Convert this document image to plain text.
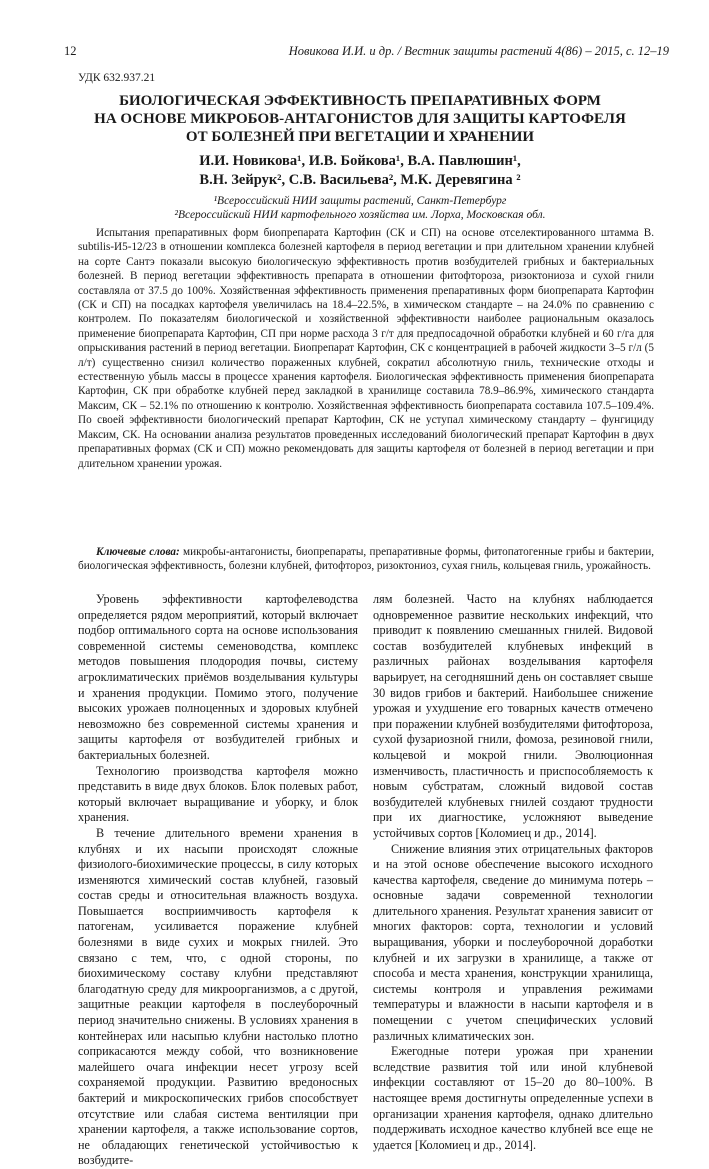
12	Новикова И.И. и др. / Вестник защиты растений 4(86) – 2015, с. 12–19
УДК 632.937.21
БИОЛОГИЧЕСКАЯ ЭФФЕКТИВНОСТЬ ПРЕПАРАТИВНЫХ ФОРМ
НА ОСНОВЕ МИКРОБОВ-АНТАГОНИСТОВ ДЛЯ ЗАЩИТЫ КАРТОФЕЛЯ
ОТ БОЛЕЗНЕЙ ПРИ ВЕГЕТАЦИИ И ХРАНЕНИИ
И.И. Новикова¹, И.В. Бойкова¹, В.А. Павлюшин¹,
В.Н. Зейрук², С.В. Васильева², М.К. Деревягина ²
¹Всероссийский НИИ защиты растений, Санкт-Петербург
²Всероссийский НИИ картофельного хозяйства им. Лорха, Московская обл.

Испытания препаративных форм биопрепарата Картофин (СК и СП) на основе отселектированного штамма B. subtilis-И5-12/23 в отношении комплекса болезней картофеля в период вегетации и при длительном хранении клубней на сорте Сантэ показали высокую биологическую эффективность против возбудителей грибных и бактериальных болезней. В период вегетации эффективность препарата в отношении фитофтороза, ризоктониоза и сухой гнили составляла от 37.5 до 100%. Хозяйственная эффективность применения препаративных форм биопрепарата Картофин (СК и СП) на посадках картофеля увеличилась на 18.4–22.5%, в химическом стандарте – на 24.0% по сравнению с контролем. По показателям биологической и хозяйственной эффективности наиболее рациональным оказалось применение биопрепарата Картофин, СП при норме расхода 3 г/т для предпосадочной обработки клубней и 60 г/га для опрыскивания растений в период вегетации. Биопрепарат Картофин, СК с концентрацией в рабочей жидкости 3–5 г/л (5 л/т) существенно снизил количество пораженных клубней, сократил абсолютную гниль, технические отходы и естественную убыль массы в процессе хранения картофеля. Биологическая эффективность применения биопрепарата Картофин, СК при обработке клубней перед закладкой в хранилище составила 78.9–86.9%, химического стандарта Максим, СК – 52.1% по отношению к контролю. Хозяйственная эффективность биопрепарата составила 107.5–109.4%. По своей эффективности биологический препарат Картофин, СК не уступал химическому стандарту – фунгициду Максим, СК. На основании анализа результатов проведенных исследований биологический препарат Картофин в двух препаративных формах (СК и СП) можно рекомендовать для защиты картофеля от болезней в период вегетации и при длительном хранении урожая.

Ключевые слова: микробы-антагонисты, биопрепараты, препаративные формы, фитопатогенные грибы и бактерии, биологическая эффективность, болезни клубней, фитофтороз, ризоктониоз, сухая гниль, кольцевая гниль, урожайность.

Уровень эффективности картофелеводства определяется рядом мероприятий, который включает подбор оптимального сорта на основе использования современной системы семеноводства, комплекс методов повышения плодородия почвы, систему агроклиматических приёмов возделывания культуры и хранения продукции. Помимо этого, получение высоких урожаев полноценных и здоровых клубней невозможно без современной системы хранения и защиты картофеля от возбудителей грибных и бактериальных болезней.

Технологию производства картофеля можно представить в виде двух блоков. Блок полевых работ, который включает выращивание и уборку, и блок хранения.

В течение длительного времени хранения в клубнях и их насыпи происходят сложные физиолого-биохимические процессы, в силу которых изменяются химический состав клубней, газовый состав среды и относительная влажность воздуха. Повышается восприимчивость картофеля к патогенам, усиливается поражение клубней болезнями в виде сухих и мокрых гнилей. Это связано с тем, что, с одной стороны, по биохимическому составу клубни представляют благодатную среду для микроорганизмов, а с другой, защитные реакции картофеля в послеуборочный период значительно снижены. В условиях хранения в контейнерах или насыпью клубни настолько плотно соприкасаются между собой, что возникновение малейшего очага инфекции несет угрозу всей сохраняемой продукции. Развитию вредоносных бактерий и микроскопических грибов способствует отсутствие или слабая система вентиляции при хранении картофеля, а также использование сортов, не обладающих генетической устойчивостью к возбудите-

лям болезней. Часто на клубнях наблюдается одновременное развитие нескольких инфекций, что приводит к появлению смешанных гнилей. Видовой состав возбудителей клубневых инфекций в различных районах возделывания картофеля варьирует, на сегодняшний день он составляет свыше 30 видов грибов и бактерий. Наибольшее снижение урожая и ухудшение его товарных качеств отмечено при поражении клубней возбудителями фитофтороза, сухой фузариозной гнили, фомоза, резиновой гнили, кольцевой и мокрой гнили. Эволюционная изменчивость, пластичность и приспособляемость к новым субстратам, сложный видовой состав возбудителей клубневых гнилей создают трудности при их диагностике, усложняют выведение устойчивых сортов [Коломиец и др., 2014].

Снижение влияния этих отрицательных факторов и на этой основе обеспечение высокого исходного качества картофеля, сведение до минимума потерь – основные задачи современной технологии длительного хранения. Результат хранения зависит от многих факторов: сорта, технологии и условий выращивания, уборки и послеуборочной доработки клубней и их загрузки в хранилище, а также от способа и места хранения, конструкции хранилища, системы контроля и управления режимами температуры и влажности в насыпи картофеля и в помещении с учетом специфических условий различных климатических зон.

Ежегодные потери урожая при хранении вследствие развития той или иной клубневой инфекции составляют от 15–20 до 80–100%. В настоящее время достигнуты определенные успехи в организации хранения картофеля, однако длительно поддерживать исходное качество клубней все еще не удается [Коломиец и др., 2014].
